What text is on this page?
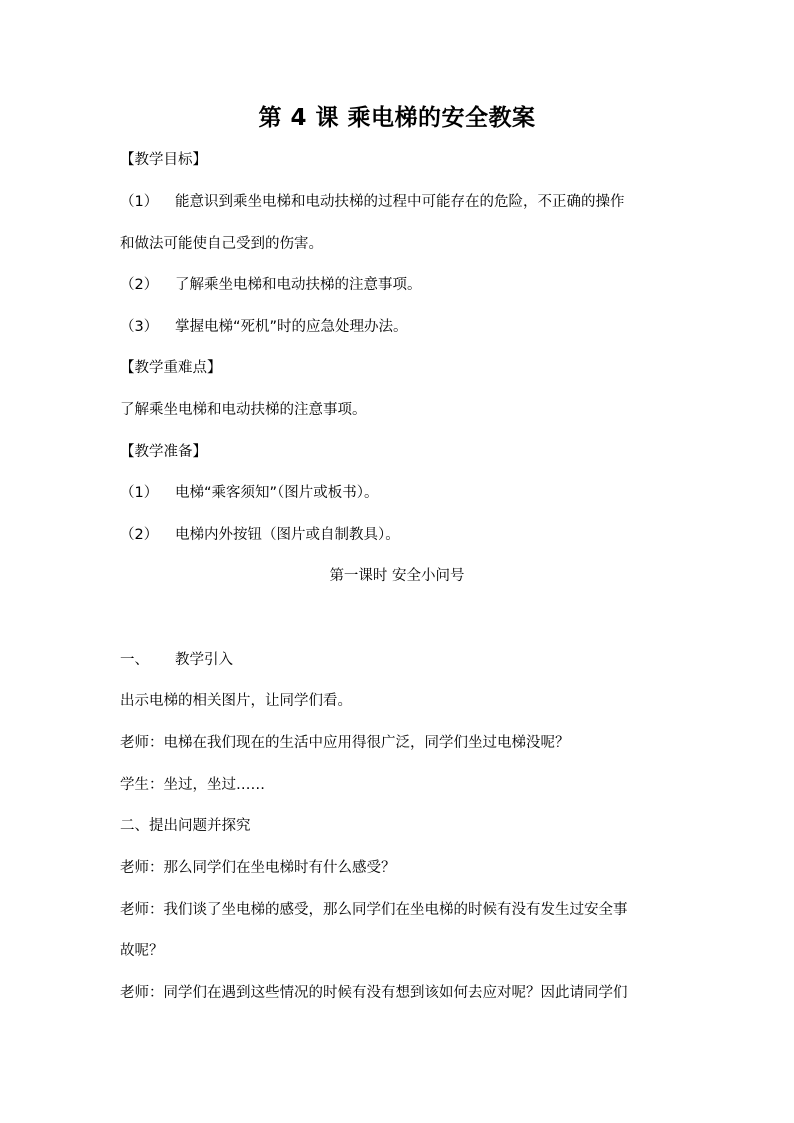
第 4 课 乘电梯的安全教案
【教学目标】
（1） 能意识到乘坐电梯和电动扶梯的过程中可能存在的危险，不正确的操作
和做法可能使自己受到的伤害。
（2） 了解乘坐电梯和电动扶梯的注意事项。
（3） 掌握电梯“死机”时的应急处理办法。
【教学重难点】
了解乘坐电梯和电动扶梯的注意事项。
【教学准备】
（1） 电梯“乘客须知”（图片或板书）。
（2） 电梯内外按钮（图片或自制教具）。
第一课时 安全小问号
一、 教学引入
出示电梯的相关图片，让同学们看。
老师：电梯在我们现在的生活中应用得很广泛，同学们坐过电梯没呢？
学生：坐过，坐过……
二、提出问题并探究
老师：那么同学们在坐电梯时有什么感受？
老师：我们谈了坐电梯的感受，那么同学们在坐电梯的时候有没有发生过安全事
故呢？
老师：同学们在遇到这些情况的时候有没有想到该如何去应对呢？因此请同学们
